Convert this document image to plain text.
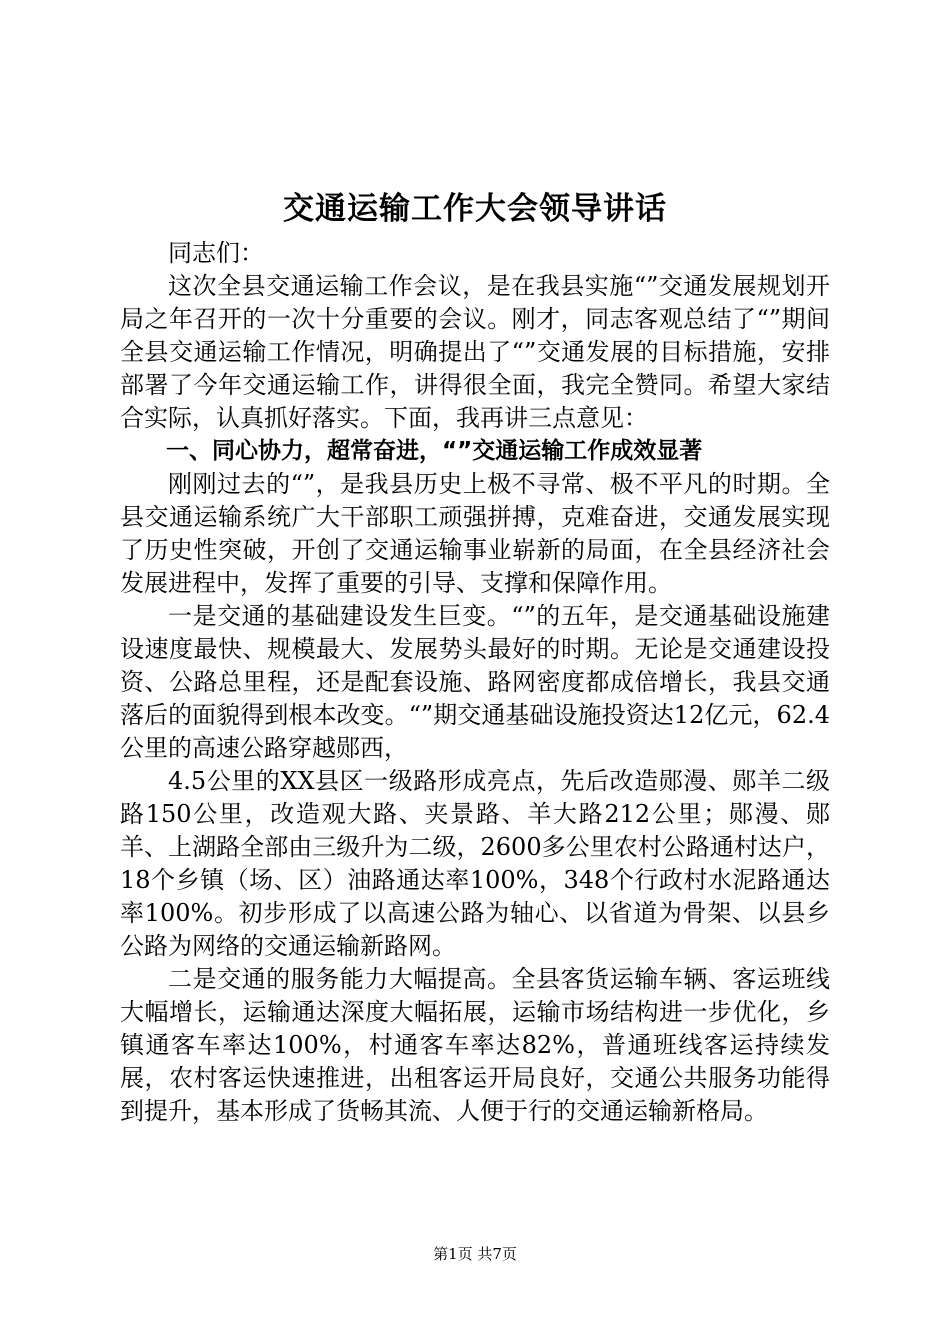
交通运输工作大会领导讲话

同志们：

这次全县交通运输工作会议，是在我县实施“”交通发展规划开局之年召开的一次十分重要的会议。刚才，同志客观总结了“”期间全县交通运输工作情况，明确提出了“”交通发展的目标措施，安排部署了今年交通运输工作，讲得很全面，我完全赞同。希望大家结合实际，认真抓好落实。下面，我再讲三点意见：

一、同心协力，超常奋进，“”交通运输工作成效显著

刚刚过去的“”，是我县历史上极不寻常、极不平凡的时期。全县交通运输系统广大干部职工顽强拼搏，克难奋进，交通发展实现了历史性突破，开创了交通运输事业崭新的局面，在全县经济社会发展进程中，发挥了重要的引导、支撑和保障作用。

一是交通的基础建设发生巨变。“”的五年，是交通基础设施建设速度最快、规模最大、发展势头最好的时期。无论是交通建设投资、公路总里程，还是配套设施、路网密度都成倍增长，我县交通落后的面貌得到根本改变。“”期交通基础设施投资达12亿元，62.4公里的高速公路穿越郧西，

4.5公里的XX县区一级路形成亮点，先后改造郧漫、郧羊二级路150公里，改造观大路、夹景路、羊大路212公里；郧漫、郧羊、上湖路全部由三级升为二级，2600多公里农村公路通村达户，18个乡镇（场、区）油路通达率100%，348个行政村水泥路通达率100%。初步形成了以高速公路为轴心、以省道为骨架、以县乡公路为网络的交通运输新路网。

二是交通的服务能力大幅提高。全县客货运输车辆、客运班线大幅增长，运输通达深度大幅拓展，运输市场结构进一步优化，乡镇通客车率达100%，村通客车率达82%，普通班线客运持续发展，农村客运快速推进，出租客运开局良好，交通公共服务功能得到提升，基本形成了货畅其流、人便于行的交通运输新格局。

第1页 共7页
